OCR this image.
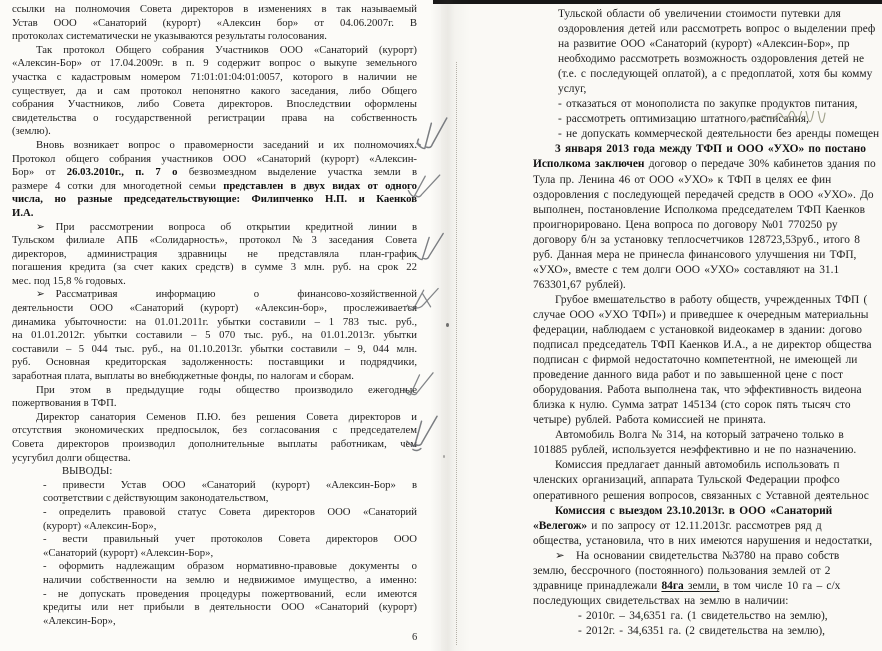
ссылки на полномочия Совета директоров в изменениях в так называемый
Устав ООО «Санаторий (курорт) «Алексин бор» от 04.06.2007г. В
протоколах систематически не указываются результаты голосования.
Так протокол Общего собрания Участников ООО «Санаторий (курорт)
«Алексин-Бор» от 17.04.2009г. в п. 9 содержит вопрос о выкупе земельного
участка с кадастровым номером 71:01:01:04:01:0057, которого в наличии не
существует, да и сам протокол непонятно какого заседания, либо Общего
собрания Участников, либо Совета директоров. Впоследствии оформлены
свидетельства о государственной регистрации права на собственность
(землю).
Вновь возникает вопрос о правомерности заседаний и их полномочиях.
Протокол общего собрания участников ООО «Санаторий (курорт) «Алексин-
Бор» от 26.03.2010г., п. 7 о безвозмездном выделение участка земли в
размере 4 сотки для многодетной семьи представлен в двух видах от одного
числа, но разные председательствующие: Филипченко Н.П. и Каенков
И.А.
➢ При рассмотрении вопроса об открытии кредитной линии в
Тульском филиале АПБ «Солидарность», протокол №3 заседания Совета
директоров, администрация здравницы не представляла план-график
погашения кредита (за счет каких средств) в сумме 3 млн. руб. на срок 22
мес. под 15,8 % годовых.
➢ Рассматривая информацию о финансово-хозяйственной
деятельности ООО «Санаторий (курорт) «Алексин-бор», прослеживается
динамика убыточности: на 01.01.2011г. убытки составили – 1 783 тыс. руб.,
на 01.01.2012г. убытки составили – 5 070 тыс. руб., на 01.01.2013г. убытки
составили – 5 044 тыс. руб., на 01.10.2013г. убытки составили – 9, 044 млн.
руб. Основная кредиторская задолженность: поставщики и подрядчики,
заработная плата, выплаты во внебюджетные фонды, по налогам и сборам.
При этом в предыдущие годы общество производило ежегодные
пожертвования в ТФП.
Директор санатория Семенов П.Ю. без решения Совета директоров и
отсутствия экономических предпосылок, без согласования с председателем
Совета директоров производил дополнительные выплаты работникам, чем
усугубил долги общества.
ВЫВОДЫ:
- привести Устав ООО «Санаторий (курорт) «Алексин-Бор» в
соответствии с действующим законодательством,
- определить правовой статус Совета директоров ООО «Санаторий
(курорт) «Алексин-Бор»,
- вести правильный учет протоколов Совета директоров ООО
«Санаторий (курорт) «Алексин-Бор»,
- оформить надлежащим образом нормативно-правовые документы о
наличии собственности на землю и недвижимое имущество, а именно:
- не допускать проведения процедуры пожертвований, если имеются
кредиты или нет прибыли в деятельности ООО «Санаторий (курорт)
«Алексин-Бор»,
6
Тульской области об увеличении стоимости путевки для
оздоровления детей или рассмотреть вопрос о выделении преф
на развитие ООО «Санаторий (курорт) «Алексин-Бор», пр
необходимо рассмотреть возможность оздоровления детей не
(т.е. с последующей оплатой), а с предоплатой, хотя бы комму
услуг,
- отказаться от монополиста по закупке продуктов питания,
- рассмотреть оптимизацию штатного расписания,
- не допускать коммерческой деятельности без аренды помещен
3 января 2013 года между ТФП и ООО «УХО» по постано
Исполкома заключен договор о передаче 30% кабинетов здания по
Тула пр. Ленина 46 от ООО «УХО» к ТФП в целях ее фин
оздоровления с последующей передачей средств в ООО «УХО». До
выполнен, постановление Исполкома председателем ТФП Каенков
проигнорировано. Цена вопроса по договору №01 770250 ру
договору б/н за установку теплосчетчиков 128723,53руб., итого 8
руб. Данная мера не принесла финансового улучшения ни ТФП,
«УХО», вместе с тем долги ООО «УХО» составляют на 31.1
763301,67 рублей).
Грубое вмешательство в работу обществ, учрежденных ТФП (
случае ООО «УХО ТФП») и приведшее к очередным материальны
федерации, наблюдаем с установкой видеокамер в здании: догово
подписал председатель ТФП Каенков И.А., а не директор общества
подписан с фирмой недостаточно компетентной, не имеющей ли
проведение данного вида работ и по завышенной цене с пост
оборудования. Работа выполнена так, что эффективность видеона
близка к нулю. Сумма затрат 145134 (сто сорок пять тысяч сто
четыре) рублей. Работа комиссией не принята.
Автомобиль Волга № 314, на который затрачено только в
101885 рублей, используется неэффективно и не по назначению.
Комиссия предлагает данный автомобиль использовать п
членских организаций, аппарата Тульской Федерации профсо
оперативного решения вопросов, связанных с Уставной деятельнос
Комиссия с выездом 23.10.2013г. в ООО «Санаторий
«Велегож» и по запросу от 12.11.2013г. рассмотрев ряд д
общества, установила, что в них имеются нарушения и недостатки,
➢ На основании свидетельства №3780 на право собств
землю, бессрочного (постоянного) пользования землей от 2
здравнице принадлежали 84га земли, в том числе 10 га – с/х
последующих свидетельствах на землю в наличии:
- 2010г. – 34,6351 га. (1 свидетельство на землю),
- 2012г. - 34,6351 га. (2 свидетельства на землю),
